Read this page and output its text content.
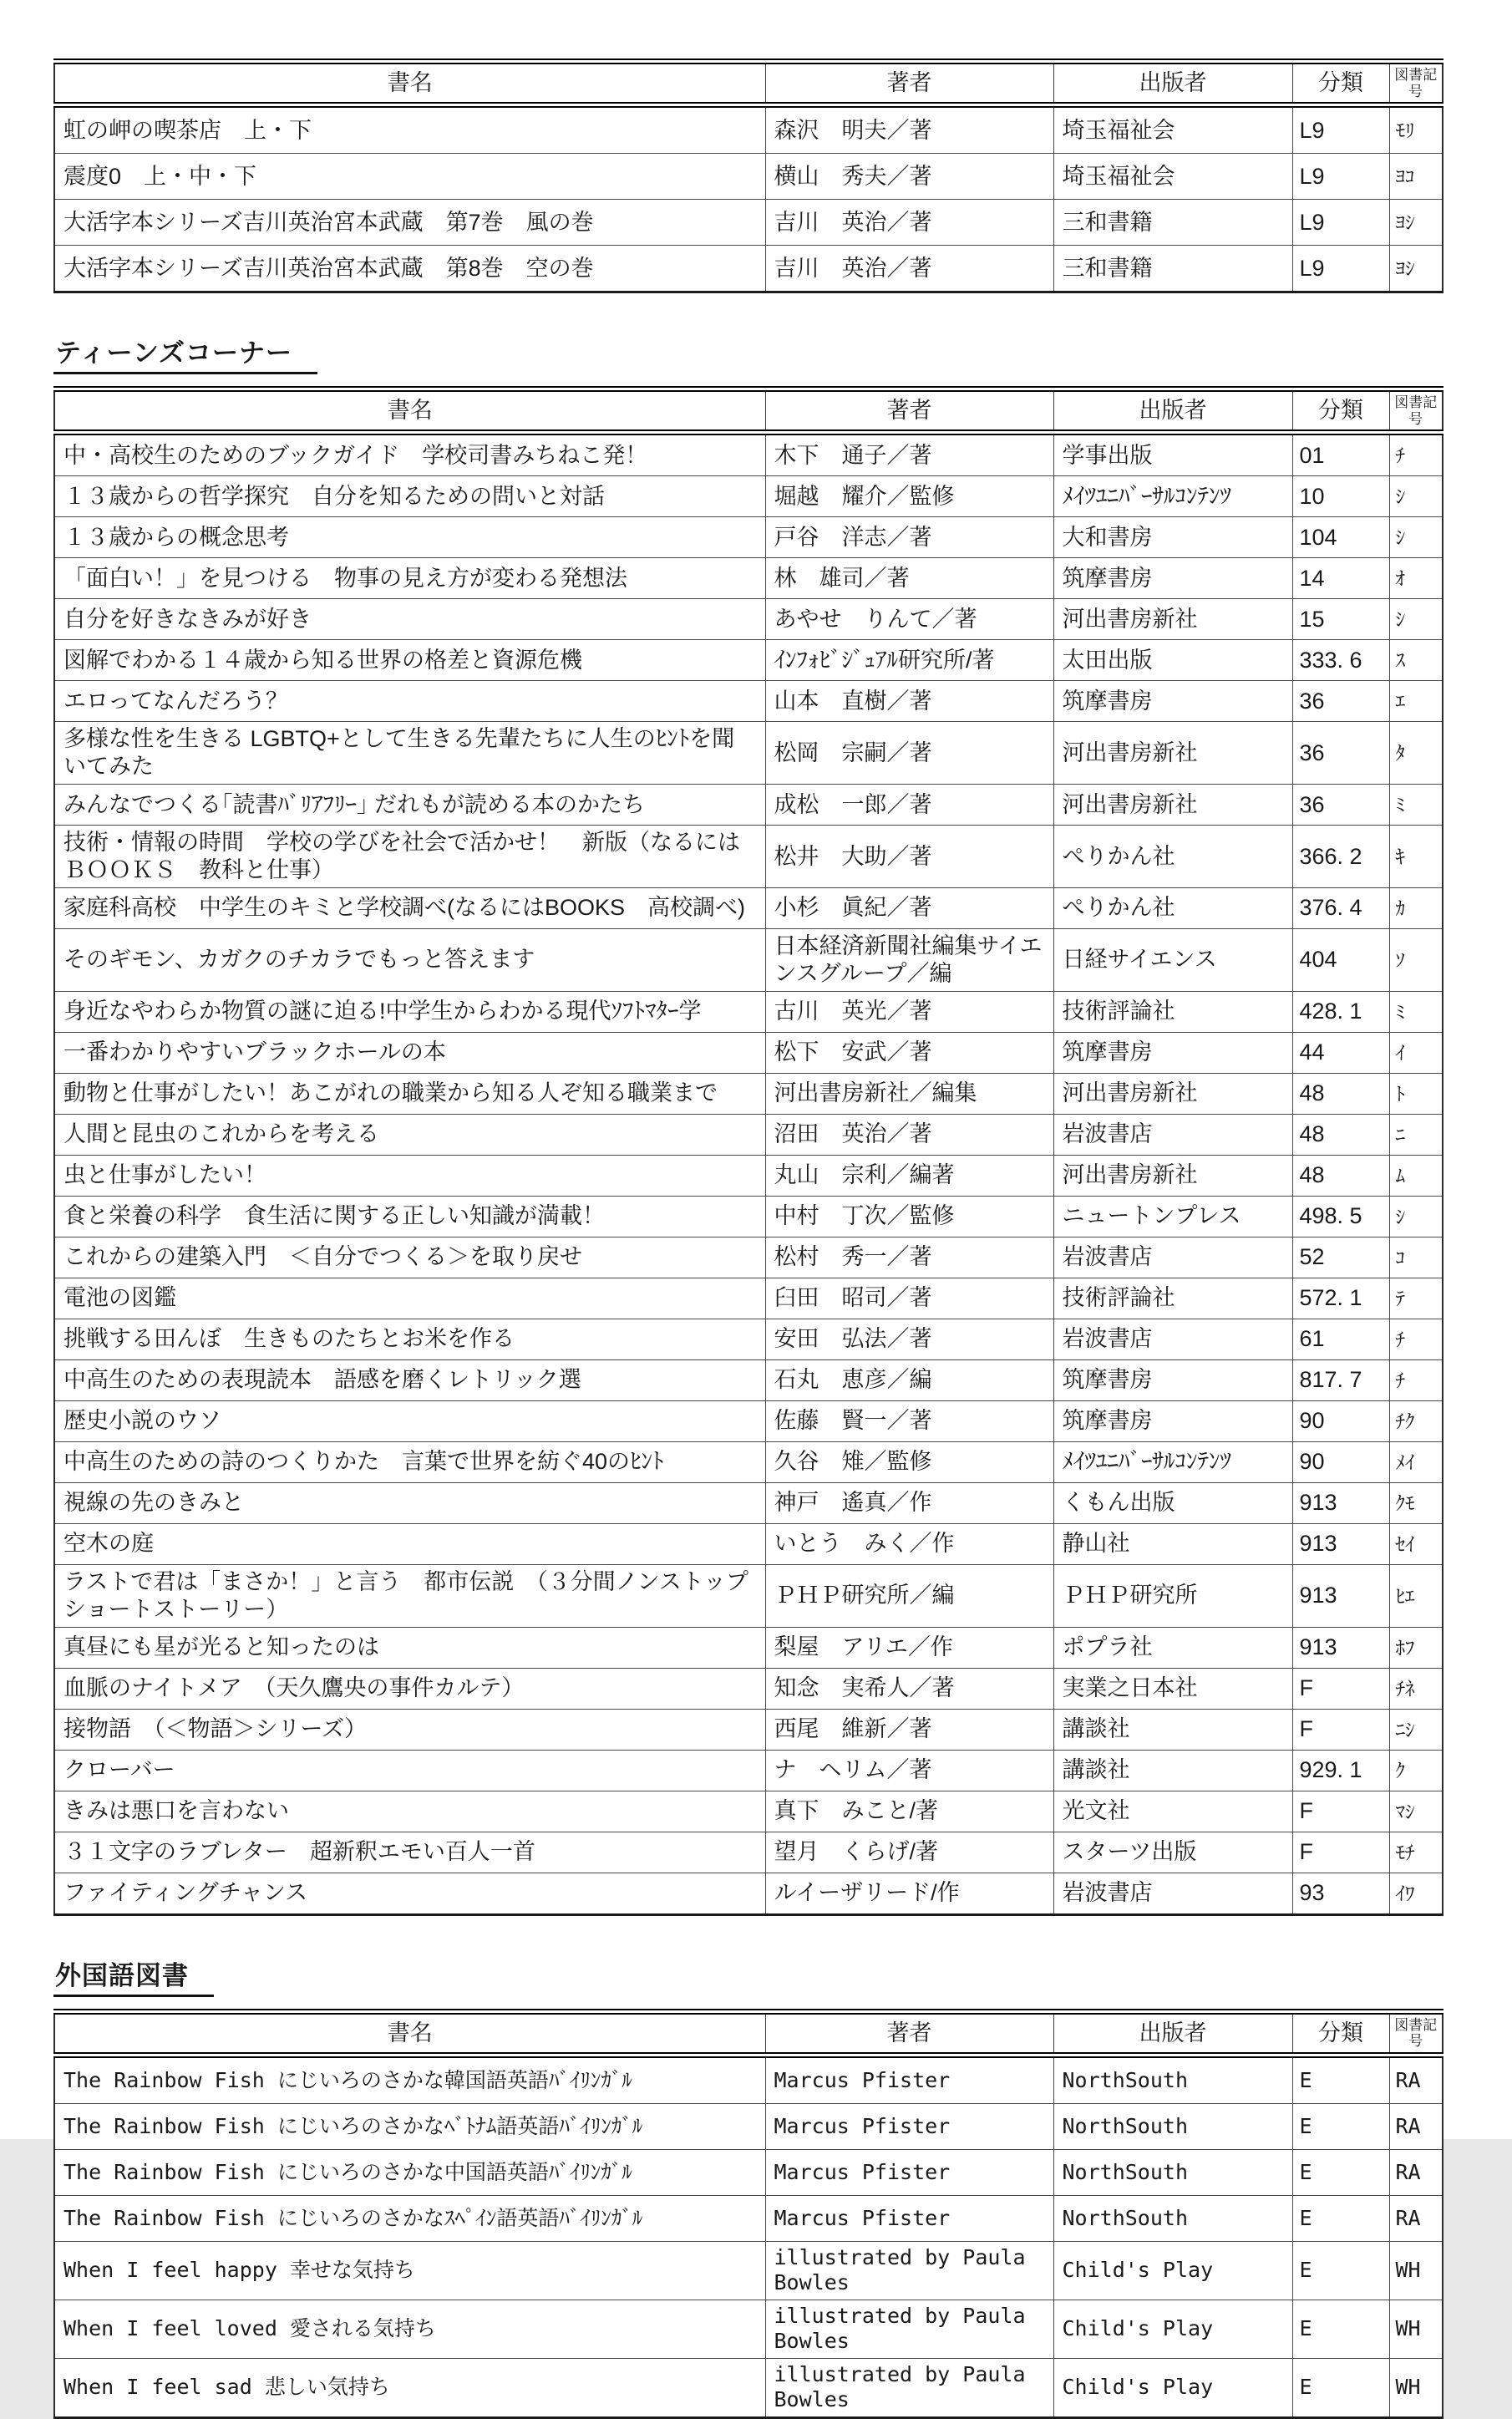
書名	著者	出版者	分類	図書記号
虹の岬の喫茶店　上・下	森沢　明夫／著	埼玉福祉会	L9	ﾓﾘ
震度0　上・中・下	横山　秀夫／著	埼玉福祉会	L9	ﾖｺ
大活字本シリーズ吉川英治宮本武蔵　第7巻　風の巻	吉川　英治／著	三和書籍	L9	ﾖｼ
大活字本シリーズ吉川英治宮本武蔵　第8巻　空の巻	吉川　英治／著	三和書籍	L9	ﾖｼ
ティーンズコーナー
書名	著者	出版者	分類	図書記号
中・高校生のためのブックガイド　学校司書みちねこ発！	木下　通子／著	学事出版	01	ﾁ
１３歳からの哲学探究　自分を知るための問いと対話	堀越　耀介／監修	ﾒｲﾂﾕﾆﾊﾞｰｻﾙｺﾝﾃﾝﾂ	10	ｼ
１３歳からの概念思考	戸谷　洋志／著	大和書房	104	ｼ
「面白い！」を見つける　物事の見え方が変わる発想法	林　雄司／著	筑摩書房	14	ｵ
自分を好きなきみが好き	あやせ　りんて／著	河出書房新社	15	ｼ
図解でわかる１４歳から知る世界の格差と資源危機	ｲﾝﾌｫﾋﾞｼﾞｭｱﾙ研究所/著	太田出版	333. 6	ｽ
エロってなんだろう？	山本　直樹／著	筑摩書房	36	ｴ
多様な性を生きる LGBTQ+として生きる先輩たちに人生のﾋﾝﾄを聞いてみた	松岡　宗嗣／著	河出書房新社	36	ﾀ
みんなでつくる｢読書ﾊﾞﾘｱﾌﾘｰ｣ だれもが読める本のかたち	成松　一郎／著	河出書房新社	36	ﾐ
技術・情報の時間　学校の学びを社会で活かせ！　新版（なるにはＢＯＯＫＳ　教科と仕事）	松井　大助／著	ぺりかん社	366. 2	ｷ
家庭科高校　中学生のキミと学校調べ(なるにはBOOKS　高校調べ)	小杉　眞紀／著	ぺりかん社	376. 4	ｶ
そのギモン、カガクのチカラでもっと答えます	日本経済新聞社編集サイエンスグループ／編	日経サイエンス	404	ｿ
身近なやわらか物質の謎に迫る!中学生からわかる現代ｿﾌﾄﾏﾀｰ学	古川　英光／著	技術評論社	428. 1	ﾐ
一番わかりやすいブラックホールの本	松下　安武／著	筑摩書房	44	ｲ
動物と仕事がしたい！あこがれの職業から知る人ぞ知る職業まで	河出書房新社／編集	河出書房新社	48	ﾄ
人間と昆虫のこれからを考える	沼田　英治／著	岩波書店	48	ﾆ
虫と仕事がしたい！	丸山　宗利／編著	河出書房新社	48	ﾑ
食と栄養の科学　食生活に関する正しい知識が満載！	中村　丁次／監修	ニュートンプレス	498. 5	ｼ
これからの建築入門　＜自分でつくる＞を取り戻せ	松村　秀一／著	岩波書店	52	ｺ
電池の図鑑	臼田　昭司／著	技術評論社	572. 1	ﾃ
挑戦する田んぼ　生きものたちとお米を作る	安田　弘法／著	岩波書店	61	ﾁ
中高生のための表現読本　語感を磨くレトリック選	石丸　恵彦／編	筑摩書房	817. 7	ﾁ
歴史小説のウソ	佐藤　賢一／著	筑摩書房	90	ﾁｸ
中高生のための詩のつくりかた　言葉で世界を紡ぐ40のﾋﾝﾄ	久谷　雉／監修	ﾒｲﾂﾕﾆﾊﾞｰｻﾙｺﾝﾃﾝﾂ	90	ﾒｲ
視線の先のきみと	神戸　遙真／作	くもん出版	913	ｸﾓ
空木の庭	いとう　みく／作	静山社	913	ｾｲ
ラストで君は「まさか！」と言う　都市伝説　（３分間ノンストップショートストーリー）	ＰＨＰ研究所／編	ＰＨＰ研究所	913	ﾋｴ
真昼にも星が光ると知ったのは	梨屋　アリエ／作	ポプラ社	913	ﾎﾌ
血脈のナイトメア　（天久鷹央の事件カルテ）	知念　実希人／著	実業之日本社	F	ﾁﾈ
接物語　（＜物語＞シリーズ）	西尾　維新／著	講談社	F	ﾆｼ
クローバー	ナ　ヘリム／著	講談社	929. 1	ｸ
きみは悪口を言わない	真下　みこと/著	光文社	F	ﾏｼ
３１文字のラブレター　超新釈エモい百人一首	望月　くらげ/著	スターツ出版	F	ﾓﾁ
ファイティングチャンス	ルイーザリード/作	岩波書店	93	ｲﾜ
外国語図書
書名	著者	出版者	分類	図書記号
The Rainbow Fish にじいろのさかな韓国語英語ﾊﾞｲﾘﾝｶﾞﾙ	Marcus Pfister	NorthSouth	E	RA
The Rainbow Fish にじいろのさかなﾍﾞﾄﾅﾑ語英語ﾊﾞｲﾘﾝｶﾞﾙ	Marcus Pfister	NorthSouth	E	RA
The Rainbow Fish にじいろのさかな中国語英語ﾊﾞｲﾘﾝｶﾞﾙ	Marcus Pfister	NorthSouth	E	RA
The Rainbow Fish にじいろのさかなｽﾍﾟｲﾝ語英語ﾊﾞｲﾘﾝｶﾞﾙ	Marcus Pfister	NorthSouth	E	RA
When I feel happy 幸せな気持ち	illustrated by Paula Bowles	Child's Play	E	WH
When I feel loved 愛される気持ち	illustrated by Paula Bowles	Child's Play	E	WH
When I feel sad 悲しい気持ち	illustrated by Paula Bowles	Child's Play	E	WH
